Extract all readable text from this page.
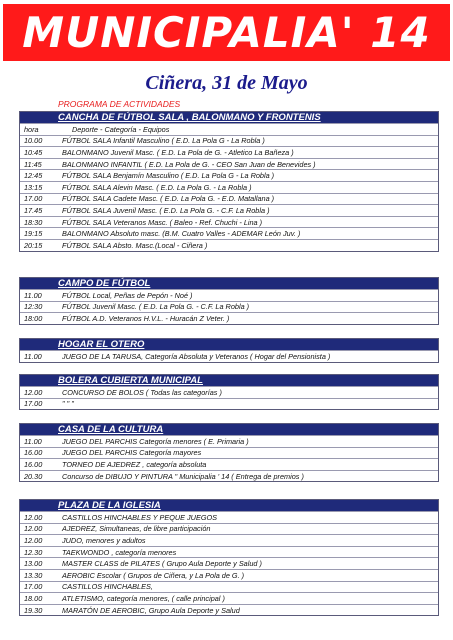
MUNICIPALIA' 14
Ciñera, 31 de Mayo
PROGRAMA DE ACTIVIDADES
CANCHA DE FÚTBOL SALA , BALONMANO Y FRONTENIS
hora	Deporte - Categoría - Equipos
10.00	FÚTBOL SALA Infantil Masculino ( E.D. La Pola G - La Robla )
10:45	BALONMANO Juvenil Masc. ( E.D. La Pola de G. - Atletico La Bañeza )
11:45	BALONMANO INFANTIL ( E.D. La Pola de G. - CEO San Juan de Benevides )
12:45	FÚTBOL SALA Benjamín Masculino ( E.D. La Pola G - La Robla )
13:15	FÚTBOL SALA Alevin Masc. ( E.D. La Pola G. - La Robla )
17.00	FÚTBOL SALA Cadete Masc. ( E.D. La Pola G. - E.D. Matallana )
17.45	FÚTBOL SALA Juvenil Masc. ( E.D. La Pola G. - C.F. La Robla )
18:30	FÚTBOL SALA Veteranos Masc. ( Baleo - Ref. Chuchi - Lina )
19:15	BALONMANO Absoluto masc. (B.M. Cuatro Valles - ADEMAR León Juv. )
20:15	FÚTBOL SALA Absto. Masc.(Local - Ciñera )
CAMPO DE FÚTBOL
11.00	FÚTBOL Local, Peñas de Pepón - Noé )
12:30	FÚTBOL Juvenil Masc. ( E.D. La Pola G. - C.F. La Robla )
18:00	FÚTBOL A.D. Veteranos H.V.L. - Huracán Z Veter. )
HOGAR EL OTERO
11.00	JUEGO DE LA TARUSA, Categoría Absoluta y Veteranos ( Hogar del Pensionista )
BOLERA CUBIERTA MUNICIPAL
12.00	CONCURSO DE BOLOS ( Todas las categorías )
17.00	" " "
CASA DE LA CULTURA
11.00	JUEGO DEL PARCHIS Categoría menores ( E. Primaria )
16.00	JUEGO DEL PARCHIS Categoría mayores
16.00	TORNEO DE AJEDREZ , categoría absoluta
20.30	Concurso de DIBUJO Y PINTURA " Municipalia ' 14 ( Entrega de premios )
PLAZA DE LA IGLESIA
12.00	CASTILLOS HINCHABLES Y PEQUE JUEGOS
12.00	AJEDREZ, Simultaneas, de libre participación
12.00	JUDO, menores y adultos
12.30	TAEKWONDO , categoría menores
13.00	MASTER CLASS de PILATES ( Grupo Aula Deporte y Salud )
13.30	AEROBIC Escolar ( Grupos de Ciñera, y La Pola de G. )
17.00	CASTILLOS HINCHABLES,
18.00	ATLETISMO, categoría menores, ( calle principal )
19.30	MARATÓN DE AEROBIC, Grupo Aula Deporte y Salud
